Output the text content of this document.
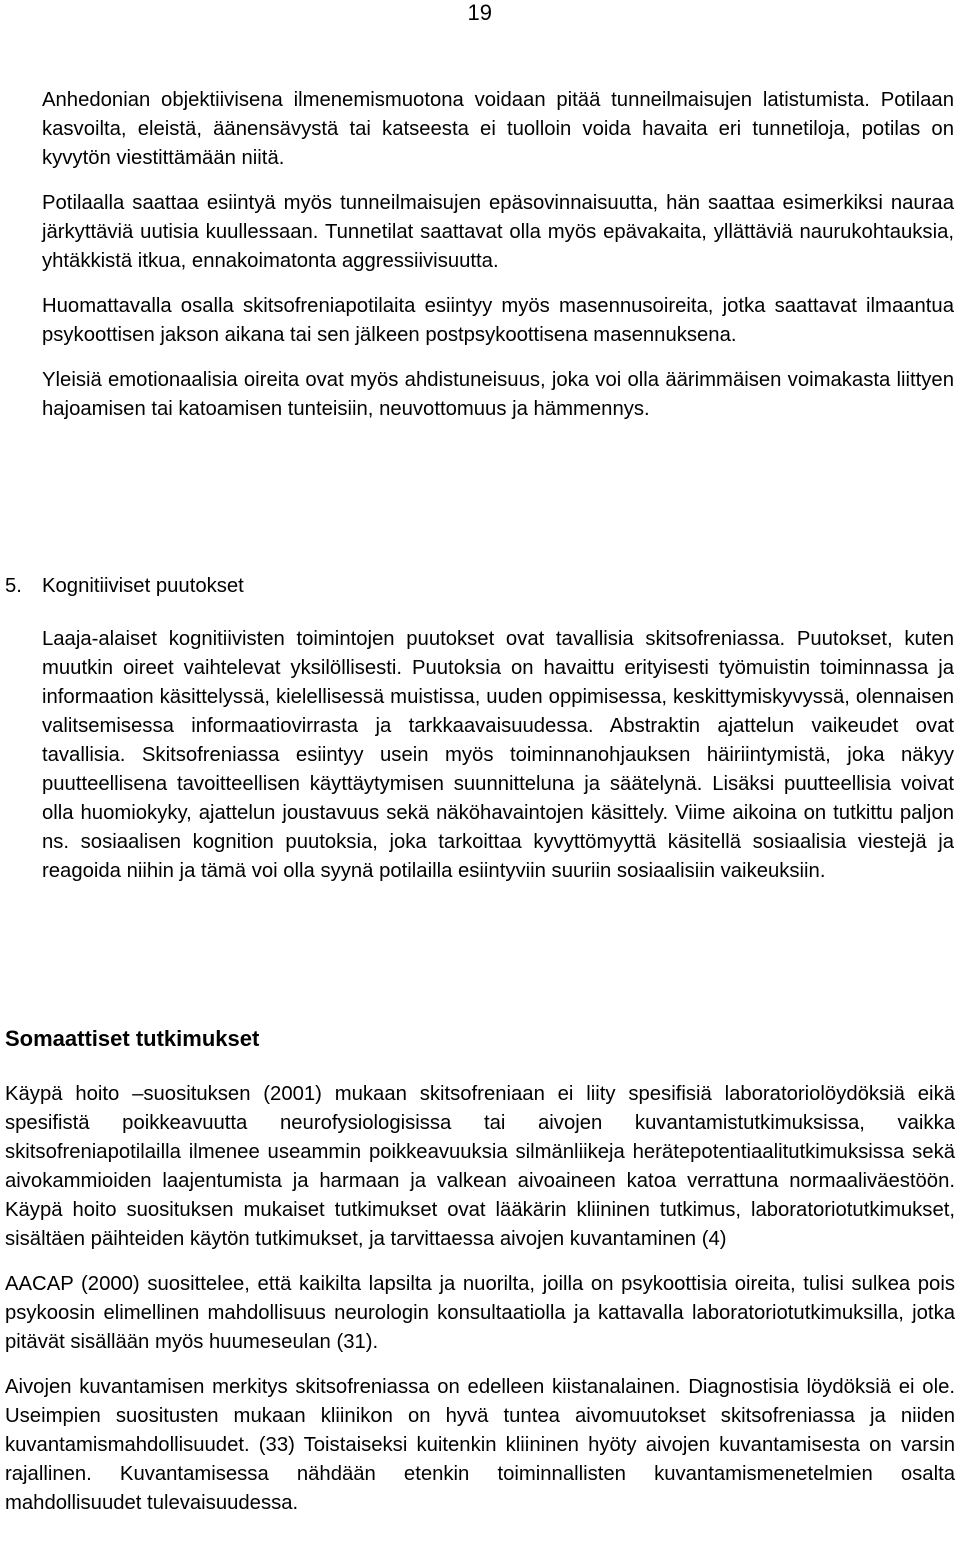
19

Anhedonian objektiivisena ilmenemismuotona voidaan pitää tunneilmaisujen latistumista. Potilaan kasvoilta, eleistä, äänensävystä tai katseesta ei tuolloin voida havaita eri tunnetiloja, potilas on kyvytön viestittämään niitä.

Potilaalla saattaa esiintyä myös tunneilmaisujen epäsovinnaisuutta, hän saattaa esimerkiksi nauraa järkyttäviä uutisia kuullessaan. Tunnetilat saattavat olla myös epävakaita, yllättäviä naurukohtauksia, yhtäkkistä itkua, ennakoimatonta aggressiivisuutta.

Huomattavalla osalla skitsofreniapotilaita esiintyy myös masennusoireita, jotka saattavat ilmaantua psykoottisen jakson aikana tai sen jälkeen postpsykoottisena masennuksena.

Yleisiä emotionaalisia oireita ovat myös ahdistuneisuus, joka voi olla äärimmäisen voimakasta liittyen hajoamisen tai katoamisen tunteisiin, neuvottomuus ja hämmennys.

5. Kognitiiviset puutokset

Laaja-alaiset kognitiivisten toimintojen puutokset ovat tavallisia skitsofreniassa. Puutokset, kuten muutkin oireet vaihtelevat yksilöllisesti. Puutoksia on havaittu erityisesti työmuistin toiminnassa ja informaation käsittelyssä, kielellisessä muistissa, uuden oppimisessa, keskittymiskyvyssä, olennaisen valitsemisessa informaatiovirrasta ja tarkkaavaisuudessa. Abstraktin ajattelun vaikeudet ovat tavallisia. Skitsofreniassa esiintyy usein myös toiminnanohjauksen häiriintymistä, joka näkyy puutteellisena tavoitteellisen käyttäytymisen suunnitteluna ja säätelynä. Lisäksi puutteellisia voivat olla huomiokyky, ajattelun joustavuus sekä näköhavaintojen käsittely. Viime aikoina on tutkittu paljon ns. sosiaalisen kognition puutoksia, joka tarkoittaa kyvyttömyyttä käsitellä sosiaalisia viestejä ja reagoida niihin ja tämä voi olla syynä potilailla esiintyviin suuriin sosiaalisiin vaikeuksiin.

Somaattiset tutkimukset

Käypä hoito –suosituksen (2001) mukaan skitsofreniaan ei liity spesifisiä laboratoriolöydöksiä eikä spesifistä poikkeavuutta neurofysiologisissa tai aivojen kuvantamistutkimuksissa, vaikka skitsofreniapotilailla ilmenee useammin poikkeavuuksia silmänliikeja herätepotentiaalitutkimuksissa sekä aivokammioiden laajentumista ja harmaan ja valkean aivoaineen katoa verrattuna normaaliväestöön. Käypä hoito suosituksen mukaiset tutkimukset ovat lääkärin kliininen tutkimus, laboratoriotutkimukset, sisältäen päihteiden käytön tutkimukset, ja tarvittaessa aivojen kuvantaminen (4)

AACAP (2000) suosittelee, että kaikilta lapsilta ja nuorilta, joilla on psykoottisia oireita, tulisi sulkea pois psykoosin elimellinen mahdollisuus neurologin konsultaatiolla ja kattavalla laboratoriotutkimuksilla, jotka pitävät sisällään myös huumeseulan (31).

Aivojen kuvantamisen merkitys skitsofreniassa on edelleen kiistanalainen. Diagnostisia löydöksiä ei ole. Useimpien suositusten mukaan kliinikon on hyvä tuntea aivomuutokset skitsofreniassa ja niiden kuvantamismahdollisuudet. (33) Toistaiseksi kuitenkin kliininen hyöty aivojen kuvantamisesta on varsin rajallinen. Kuvantamisessa nähdään etenkin toiminnallisten kuvantamismenetelmien osalta mahdollisuudet tulevaisuudessa.
